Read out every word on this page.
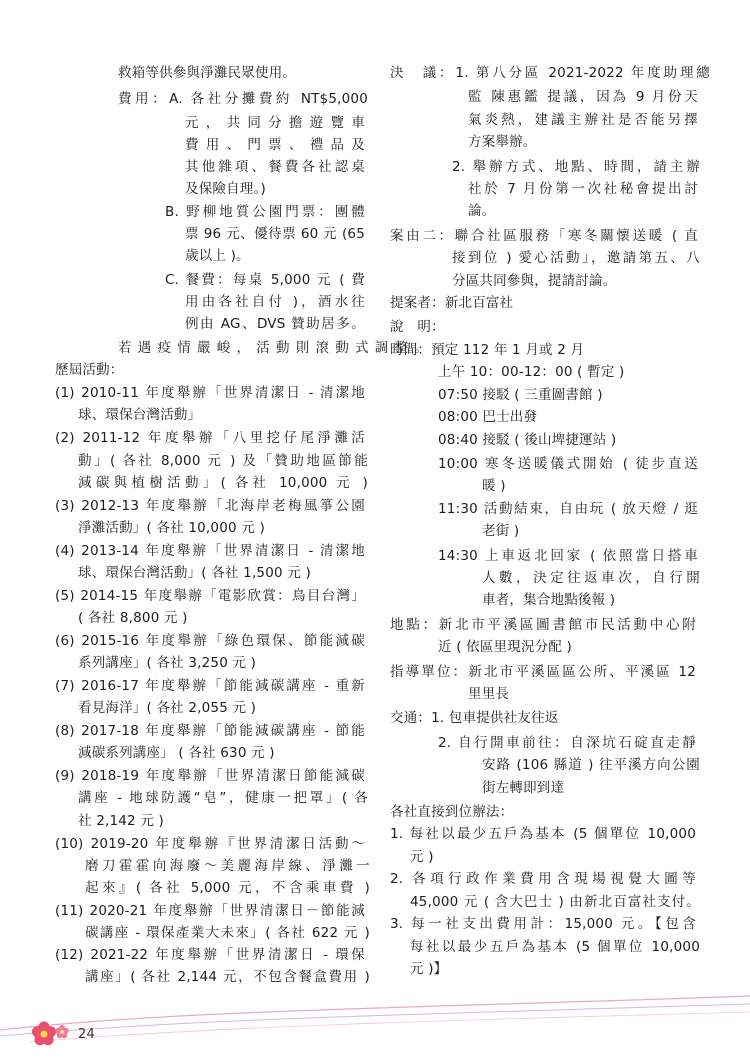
救箱等供參與淨灘民眾使用。
費用：A. 各社分攤費約 NT$5,000
元，共同分擔遊覽車
費用、門票、禮品及
其他雜項、餐費各社認桌
及保險自理。)
B. 野柳地質公園門票：團體
票 96 元、優待票 60 元 (65
歲以上 )。
C. 餐費：每桌 5,000 元 ( 費
用由各社自付 )，酒水往
例由 AG、DVS 贊助居多。
若遇疫情嚴峻，活動則滾動式調整。
歷屆活動：
(1) 2010-11 年度舉辦「世界清潔日 - 清潔地
球、環保台灣活動」
(2) 2011-12 年度舉辦「八里挖仔尾淨灘活
動」( 各社 8,000 元 ) 及「贊助地區節能
減碳與植樹活動」( 各社 10,000 元 )
(3) 2012-13 年度舉辦「北海岸老梅風箏公園
淨灘活動」( 各社 10,000 元 )
(4) 2013-14 年度舉辦「世界清潔日 - 清潔地
球、環保台灣活動」( 各社 1,500 元 )
(5) 2014-15 年度舉辦「電影欣賞：鳥目台灣」
( 各社 8,800 元 )
(6) 2015-16 年度舉辦「綠色環保、節能減碳
系列講座」( 各社 3,250 元 )
(7) 2016-17 年度舉辦「節能減碳講座 - 重新
看見海洋」( 各社 2,055 元 )
(8) 2017-18 年度舉辦「節能減碳講座 - 節能
減碳系列講座」 ( 各社 630 元 )
(9) 2018-19 年度舉辦「世界清潔日節能減碳
講座 - 地球防護“皂”，健康一把罩」( 各
社 2,142 元 )
(10) 2019-20 年度舉辦『世界清潔日活動～
磨刀霍霍向海廢～美麗海岸線、淨灘一
起來』( 各社 5,000 元，不含乘車費 )
(11) 2020-21 年度舉辦「世界清潔日－節能減
碳講座 - 環保產業大未來」( 各社 622 元 )
(12) 2021-22 年度舉辦「世界清潔日 - 環保
講座」( 各社 2,144 元，不包含餐盒費用 )
決　議：1. 第八分區 2021-2022 年度助理總
監 陳惠鑑 提議，因為 9 月份天
氣炎熱，建議主辦社是否能另擇
方案舉辦。
2. 舉辦方式、地點、時間，請主辦
社於 7 月份第一次社秘會提出討
論。
案由二：聯合社區服務「寒冬關懷送暖 ( 直
接到位 ) 愛心活動」，邀請第五、八
分區共同參與，提請討論。
提案者：新北百富社
說　明：
時間：預定 112 年 1 月或 2 月
上午 10：00-12：00 ( 暫定 )
07:50 接駁 ( 三重圖書館 )
08:00 巴士出發
08:40 接駁 ( 後山埤捷運站 )
10:00 寒冬送暖儀式開始 ( 徒步直送
暖 )
11:30 活動結束，自由玩 ( 放天燈 / 逛
老街 )
14:30 上車返北回家 ( 依照當日搭車
人數，決定往返車次，自行開
車者，集合地點後報 )
地點：新北市平溪區圖書館市民活動中心附
近 ( 依區里現況分配 )
指導單位：新北市平溪區區公所、平溪區 12
里里長
交通：1. 包車提供社友往返
2. 自行開車前往：自深坑石碇直走靜
安路 (106 縣道 ) 往平溪方向公園
街左轉即到達
各社直接到位辦法：
1. 每社以最少五戶為基本 (5 個單位 10,000
元 )
2. 各項行政作業費用含現場視覺大圖等
45,000 元 ( 含大巴士 ) 由新北百富社支付。
3. 每一社支出費用計：15,000 元。【包含
每社以最少五戶為基本 (5 個單位 10,000
元 )】
24
